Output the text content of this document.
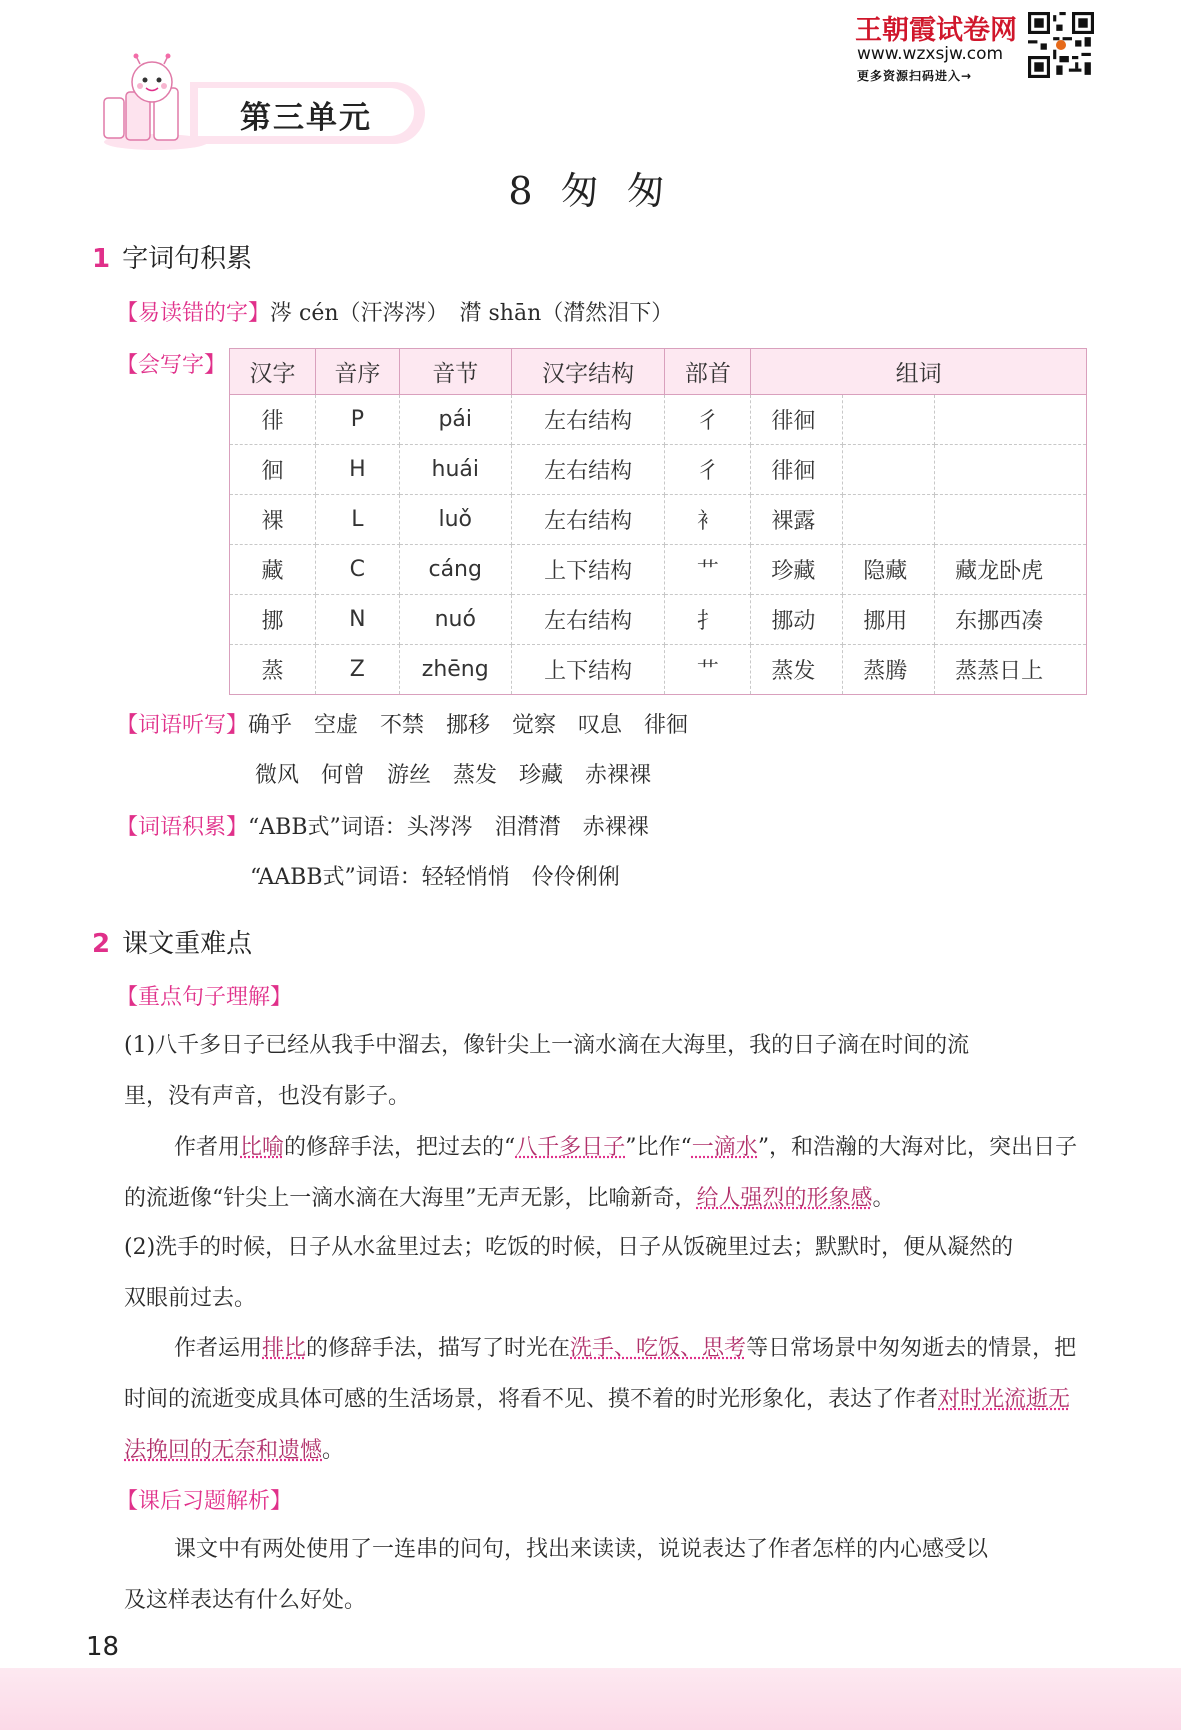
王朝霞试卷网
www.wzxsjw.com
更多资源扫码进入→
第三单元
8 匆 匆
1 字词句积累
【易读错的字】涔 cén（汗涔涔）　潸 shān（潸然泪下）
【会写字】 汉字	音序	音节	汉字结构	部首	组词		
徘	P	pái	左右结构	彳	徘徊		
徊	H	huái	左右结构	彳	徘徊		
裸	L	luǒ	左右结构	衤	裸露		
藏	C	cáng	上下结构	艹	珍藏	隐藏	藏龙卧虎
挪	N	nuó	左右结构	扌	挪动	挪用	东挪西凑
蒸	Z	zhēng	上下结构	艹	蒸发	蒸腾	蒸蒸日上
【词语听写】确乎　空虚　不禁　挪移　觉察　叹息　徘徊
微风　何曾　游丝　蒸发　珍藏　赤裸裸
【词语积累】“ABB式”词语：头涔涔　泪潸潸　赤裸裸
“AABB式”词语：轻轻悄悄　伶伶俐俐
2 课文重难点
【重点句子理解】
(1)八千多日子已经从我手中溜去，像针尖上一滴水滴在大海里，我的日子滴在时间的流
里，没有声音，也没有影子。
作者用比喻的修辞手法，把过去的“八千多日子”比作“一滴水”，和浩瀚的大海对比，突出日子的流逝像“针尖上一滴水滴在大海里”无声无影，比喻新奇，给人强烈的形象感。
(2)洗手的时候，日子从水盆里过去；吃饭的时候，日子从饭碗里过去；默默时，便从凝然的
双眼前过去。
作者运用排比的修辞手法，描写了时光在洗手、吃饭、思考等日常场景中匆匆逝去的情景，把时间的流逝变成具体可感的生活场景，将看不见、摸不着的时光形象化，表达了作者对时光流逝无法挽回的无奈和遗憾。
【课后习题解析】
课文中有两处使用了一连串的问句，找出来读读，说说表达了作者怎样的内心感受以
及这样表达有什么好处。
18
